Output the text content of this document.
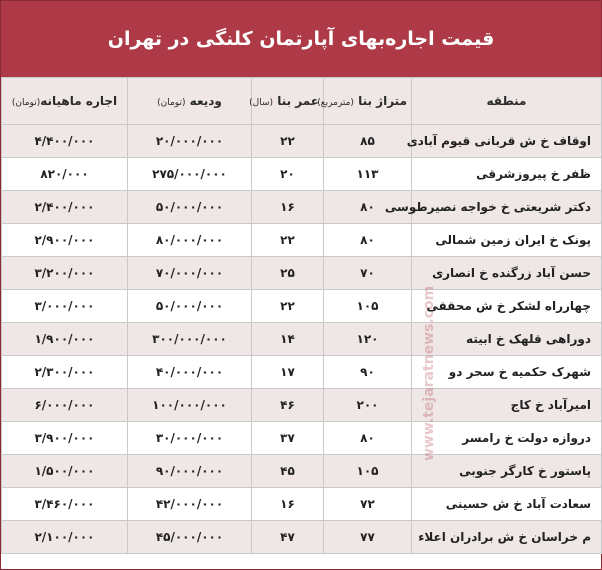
قیمت اجاره‌بهای آپارتمان کلنگی در تهران
منطقه	متراژ بنا (مترمربع)	عمر بنا (سال)	ودیعه (تومان)	اجاره ماهیانه(تومان)
اوقاف خ ش قربانی قیوم آبادی	۸۵	۲۲	۲۰/۰۰۰/۰۰۰	۴/۴۰۰/۰۰۰
ظفر خ پیروزشرقی	۱۱۳	۲۰	۲۷۵/۰۰۰/۰۰۰	۸۲۰/۰۰۰
دکتر شریعتی خ خواجه نصیرطوسی	۸۰	۱۶	۵۰/۰۰۰/۰۰۰	۲/۴۰۰/۰۰۰
پونک خ ایران زمین شمالی	۸۰	۲۲	۸۰/۰۰۰/۰۰۰	۲/۹۰۰/۰۰۰
حسن آباد زرگنده خ انصاری	۷۰	۲۵	۷۰/۰۰۰/۰۰۰	۳/۲۰۰/۰۰۰
چهارراه لشکر خ ش محققی	۱۰۵	۲۲	۵۰/۰۰۰/۰۰۰	۳/۰۰۰/۰۰۰
دوراهی قلهک خ ابیته	۱۲۰	۱۴	۳۰۰/۰۰۰/۰۰۰	۱/۹۰۰/۰۰۰
شهرک حکمیه خ سحر دو	۹۰	۱۷	۴۰/۰۰۰/۰۰۰	۲/۳۰۰/۰۰۰
امیرآباد خ کاج	۲۰۰	۴۶	۱۰۰/۰۰۰/۰۰۰	۶/۰۰۰/۰۰۰
دروازه دولت خ رامسر	۸۰	۳۷	۳۰/۰۰۰/۰۰۰	۳/۹۰۰/۰۰۰
پاستور خ کارگر جنوبی	۱۰۵	۴۵	۹۰/۰۰۰/۰۰۰	۱/۵۰۰/۰۰۰
سعادت آباد خ ش حسینی	۷۲	۱۶	۴۲/۰۰۰/۰۰۰	۳/۴۶۰/۰۰۰
م خراسان خ ش برادران اعلاء	۷۷	۴۷	۴۵/۰۰۰/۰۰۰	۲/۱۰۰/۰۰۰
www.tejaratnews.com
